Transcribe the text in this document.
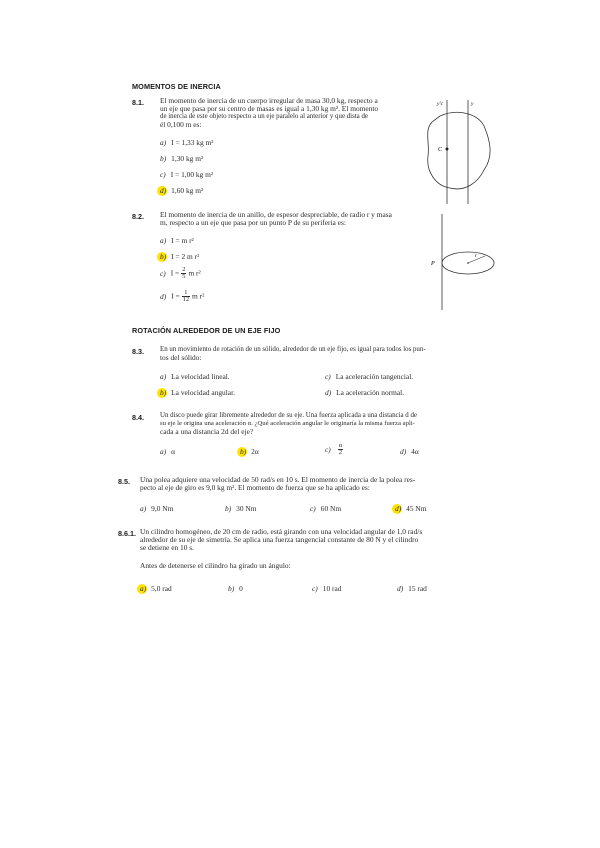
MOMENTOS DE INERCIA
8.1. El momento de inercia de un cuerpo irregular de masa 30,0 kg, respecto a
un eje que pasa por su centro de masas es igual a 1,30 kg m². El momento
de inercia de este objeto respecto a un eje paralelo al anterior y que dista de
él 0,100 m es:
a) I = 1,33 kg m²
b) 1,30 kg m²
c) I = 1,00 kg m²
d) 1,60 kg m²
C
y'c	y
8.2. El momento de inercia de un anillo, de espesor despreciable, de radio r y masa
m, respecto a un eje que pasa por un punto P de su periferia es:
a) I = m r²
b) I = 2 m r²
c) $I = \frac{2}{5}$ m r²
d) $I = \frac{1}{12}$ m r²
P
r
ROTACIÓN ALREDEDOR DE UN EJE FIJO
8.3. En un movimiento de rotación de un sólido, alrededor de un eje fijo, es igual para todos los pun-
tos del sólido:
a) La velocidad lineal.	c) La aceleración tangencial.
b) La velocidad angular.	d) La aceleración normal.
8.4. Un disco puede girar libremente alrededor de su eje. Una fuerza aplicada a una distancia d de
su eje le origina una aceleración α. ¿Qué aceleración angular le originaría la misma fuerza apli-
cada a una distancia 2d del eje?
a) α	b) 2α	$c) \frac{\alpha}{2}$	d) 4α
8.5. Una polea adquiere una velocidad de 50 rad/s en 10 s. El momento de inercia de la polea res-
pecto al eje de giro es 9,0 kg m². El momento de fuerza que se ha aplicado es:
a) 9,0 Nm	b) 30 Nm	c) 60 Nm	d) 45 Nm
8.6.1. Un cilindro homogéneo, de 20 cm de radio, está girando con una velocidad angular de 1,0 rad/s
alrededor de su eje de simetría. Se aplica una fuerza tangencial constante de 80 N y el cilindro
se detiene en 10 s.
Antes de detenerse el cilindro ha girado un ángulo:
a) 5,0 rad	b) 0	c) 10 rad	d) 15 rad
